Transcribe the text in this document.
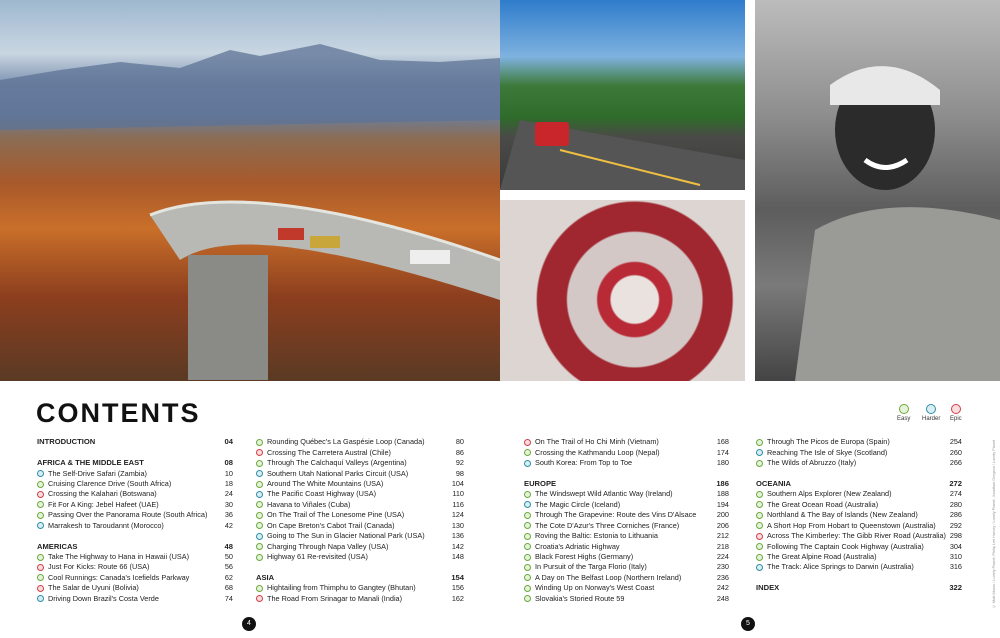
CONTENTS	Easy Harder Epic
INTRODUCTION	04
AFRICA & THE MIDDLE EAST	08
The Self-Drive Safari (Zambia)	10
Cruising Clarence Drive (South Africa)	18
Crossing the Kalahari (Botswana)	24
Fit For A King: Jebel Hafeet (UAE)	30
Passing Over the Panorama Route (South Africa)	36
Marrakesh to Taroudannt (Morocco)	42
AMERICAS	48
Take The Highway to Hana in Hawaii (USA)	50
Just For Kicks: Route 66 (USA)	56
Cool Runnings: Canada's Icefields Parkway	62
The Salar de Uyuni (Bolivia)	68
Driving Down Brazil's Costa Verde	74
Rounding Québec's La Gaspésie Loop (Canada)	80
Crossing The Carretera Austral (Chile)	86
Through The Calchaquí Valleys (Argentina)	92
Southern Utah National Parks Circuit (USA)	98
Around The White Mountains (USA)	104
The Pacific Coast Highway (USA)	110
Havana to Viñales (Cuba)	116
On The Trail of The Lonesome Pine (USA)	124
On Cape Breton's Cabot Trail (Canada)	130
Going to The Sun in Glacier National Park (USA)	136
Charging Through Napa Valley (USA)	142
Highway 61 Re-revisited (USA)	148
ASIA	154
Hightailing from Thimphu to Gangtey (Bhutan)	156
The Road From Srinagar to Manali (India)	162
On The Trail of Ho Chi Minh (Vietnam)	168
Crossing the Kathmandu Loop (Nepal)	174
South Korea: From Top to Toe	180
EUROPE	186
The Windswept Wild Atlantic Way (Ireland)	188
The Magic Circle (Iceland)	194
Through The Grapevine: Route des Vins D'Alsace	200
The Cote D'Azur's Three Corniches (France)	206
Roving the Baltic: Estonia to Lithuania	212
Croatia's Adriatic Highway	218
Black Forest Highs (Germany)	224
In Pursuit of the Targa Florio (Italy)	230
A Day on The Belfast Loop (Northern Ireland)	236
Winding Up on Norway's West Coast	242
Slovakia's Storied Route 59	248
Through The Picos de Europa (Spain)	254
Reaching The Isle of Skye (Scotland)	260
The Wilds of Abruzzo (Italy)	266
OCEANIA	272
Southern Alps Explorer (New Zealand)	274
The Great Ocean Road (Australia)	280
Northland & The Bay of Islands (New Zealand)	286
A Short Hop From Hobart to Queenstown (Australia)	292
Across The Kimberley: The Gibb River Road (Australia) 298
Following The Captain Cook Highway (Australia)	304
The Great Alpine Road (Australia)	310
The Track: Alice Springs to Darwin (Australia)	316
INDEX	322
4	5
© Matt Munro / Lonely Planet; Philip Lee Harvey / Lonely Planet; Jonathan Gregson / Lonely Planet
